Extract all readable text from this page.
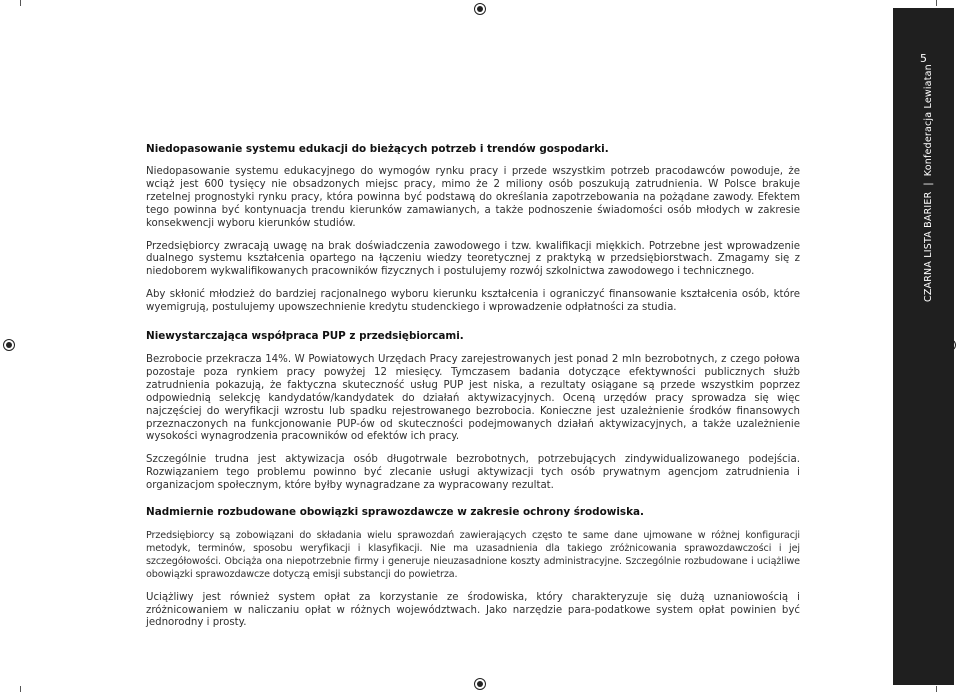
5
CZARNA LISTA BARIER|Konfederacja Lewiatan
Niedopasowanie systemu edukacji do bieżących potrzeb i trendów gospodarki.

Niedopasowanie systemu edukacyjnego do wymogów rynku pracy i przede wszystkim potrzeb pracodawców powoduje, że wciąż jest 600 tysięcy nie obsadzonych miejsc pracy, mimo że 2 miliony osób poszukują zatrudnienia. W Polsce brakuje rzetelnej prognostyki rynku pracy, która powinna być podstawą do określania zapotrzebowania na pożądane zawody. Efektem tego powinna być kontynuacja trendu kierunków zamawianych, a także podnoszenie świadomości osób młodych w zakresie konsekwencji wyboru kierunków studiów.

Przedsiębiorcy zwracają uwagę na brak doświadczenia zawodowego i tzw. kwalifikacji miękkich. Potrzebne jest wprowadzenie dualnego systemu kształcenia opartego na łączeniu wiedzy teoretycznej z praktyką w przedsiębiorstwach. Zmagamy się z niedoborem wykwalifikowanych pracowników fizycznych i postulujemy rozwój szkolnictwa zawodowego i technicznego.

Aby skłonić młodzież do bardziej racjonalnego wyboru kierunku kształcenia i ograniczyć finansowanie kształcenia osób, które wyemigrują, postulujemy upowszechnienie kredytu studenckiego i wprowadzenie odpłatności za studia.

Niewystarczająca współpraca PUP z przedsiębiorcami.

Bezrobocie przekracza 14%. W Powiatowych Urzędach Pracy zarejestrowanych jest ponad 2 mln bezrobotnych, z czego połowa pozostaje poza rynkiem pracy powyżej 12 miesięcy. Tymczasem badania dotyczące efektywności publicznych służb zatrudnienia pokazują, że faktyczna skuteczność usług PUP jest niska, a rezultaty osiągane są przede wszystkim poprzez odpowiednią selekcję kandydatów/kandydatek do działań aktywizacyjnych. Oceną urzędów pracy sprowadza się więc najczęściej do weryfikacji wzrostu lub spadku rejestrowanego bezrobocia. Konieczne jest uzależnienie środków finansowych przeznaczonych na funkcjonowanie PUP-ów od skuteczności podejmowanych działań aktywizacyjnych, a także uzależnienie wysokości wynagrodzenia pracowników od efektów ich pracy.

Szczególnie trudna jest aktywizacja osób długotrwale bezrobotnych, potrzebujących zindywidualizowanego podejścia. Rozwiązaniem tego problemu powinno być zlecanie usługi aktywizacji tych osób prywatnym agencjom zatrudnienia i organizacjom społecznym, które byłby wynagradzane za wypracowany rezultat.

Nadmiernie rozbudowane obowiązki sprawozdawcze w zakresie ochrony środowiska.

Przedsiębiorcy są zobowiązani do składania wielu sprawozdań zawierających często te same dane ujmowane w różnej konfiguracji metodyk, terminów, sposobu weryfikacji i klasyfikacji. Nie ma uzasadnienia dla takiego zróżnicowania sprawozdawczości i jej szczegółowości. Obciąża ona niepotrzebnie firmy i generuje nieuzasadnione koszty administracyjne. Szczególnie rozbudowane i uciążliwe obowiązki sprawozdawcze dotyczą emisji substancji do powietrza.

Uciążliwy jest również system opłat za korzystanie ze środowiska, który charakteryzuje się dużą uznaniowością i zróżnicowaniem w naliczaniu opłat w różnych województwach. Jako narzędzie para-podatkowe system opłat powinien być jednorodny i prosty.
